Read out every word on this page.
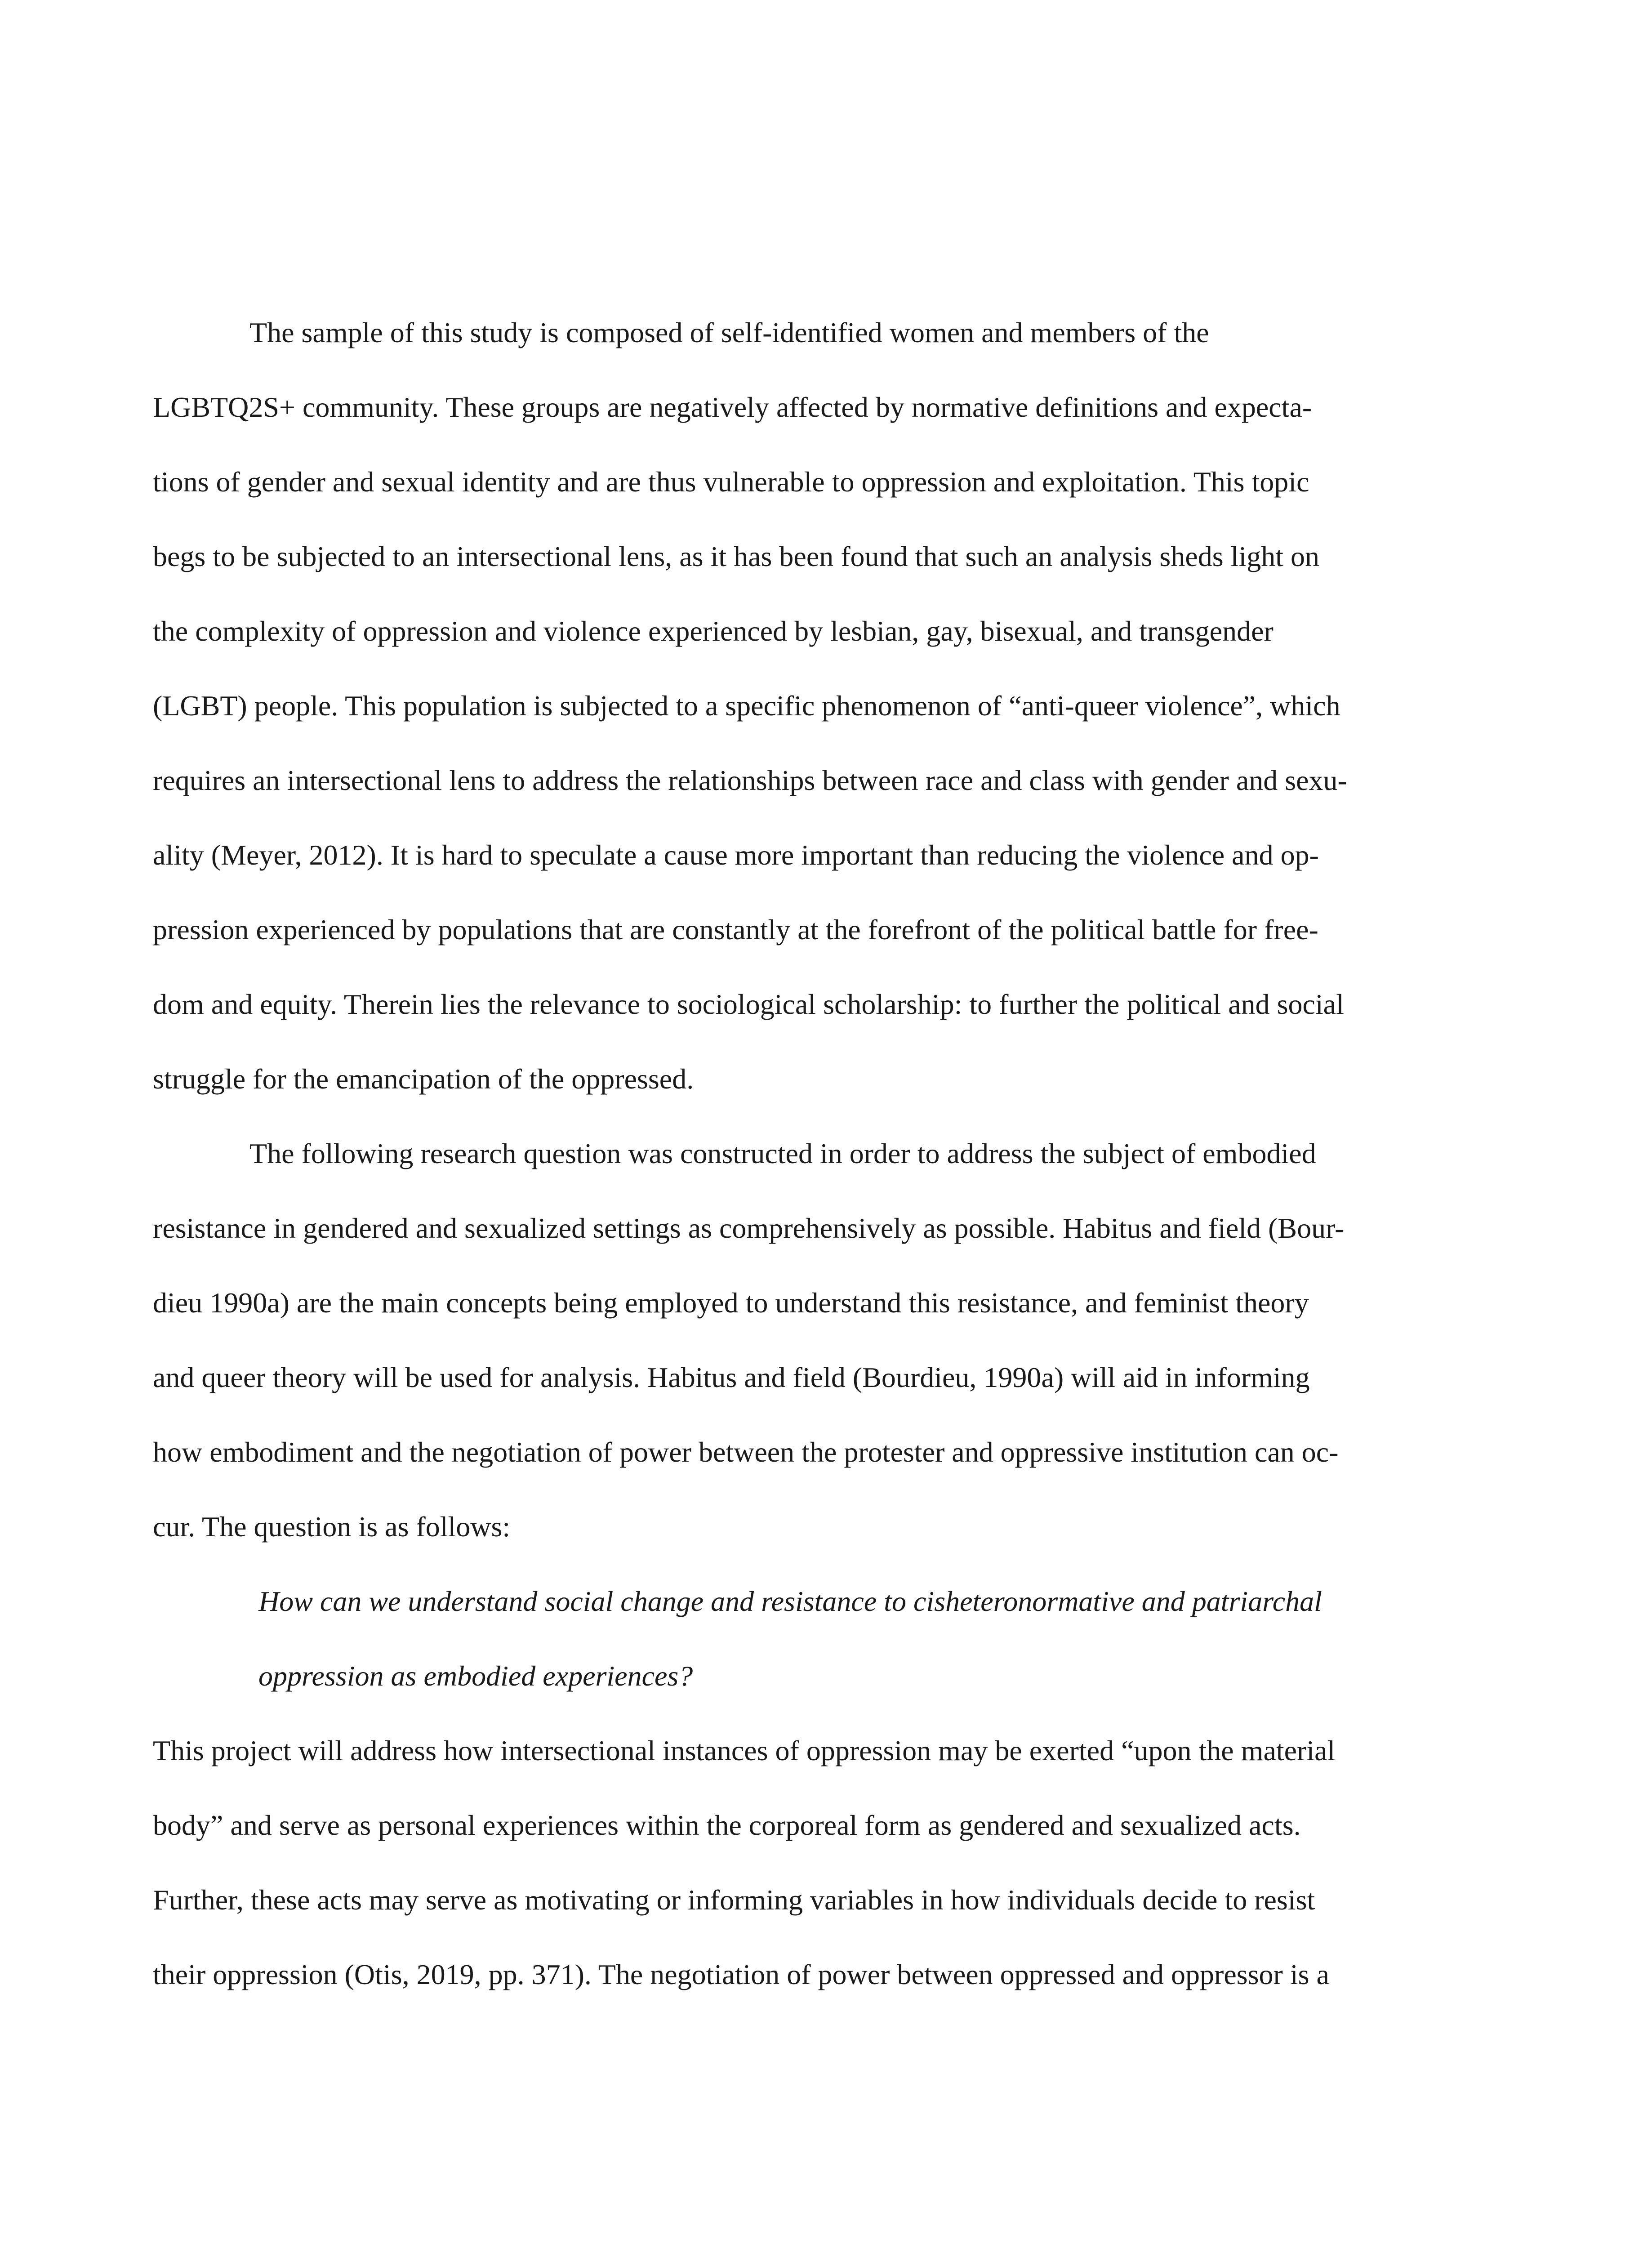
The sample of this study is composed of self-identified women and members of the
LGBTQ2S+ community. These groups are negatively affected by normative definitions and expecta-
tions of gender and sexual identity and are thus vulnerable to oppression and exploitation. This topic
begs to be subjected to an intersectional lens, as it has been found that such an analysis sheds light on
the complexity of oppression and violence experienced by lesbian, gay, bisexual, and transgender
(LGBT) people. This population is subjected to a specific phenomenon of “anti-queer violence”, which
requires an intersectional lens to address the relationships between race and class with gender and sexu-
ality (Meyer, 2012). It is hard to speculate a cause more important than reducing the violence and op-
pression experienced by populations that are constantly at the forefront of the political battle for free-
dom and equity. Therein lies the relevance to sociological scholarship: to further the political and social
struggle for the emancipation of the oppressed.
The following research question was constructed in order to address the subject of embodied
resistance in gendered and sexualized settings as comprehensively as possible. Habitus and field (Bour-
dieu 1990a) are the main concepts being employed to understand this resistance, and feminist theory
and queer theory will be used for analysis. Habitus and field (Bourdieu, 1990a) will aid in informing
how embodiment and the negotiation of power between the protester and oppressive institution can oc-
cur. The question is as follows:
How can we understand social change and resistance to cisheteronormative and patriarchal
oppression as embodied experiences?
This project will address how intersectional instances of oppression may be exerted “upon the material
body” and serve as personal experiences within the corporeal form as gendered and sexualized acts.
Further, these acts may serve as motivating or informing variables in how individuals decide to resist
their oppression (Otis, 2019, pp. 371). The negotiation of power between oppressed and oppressor is a
